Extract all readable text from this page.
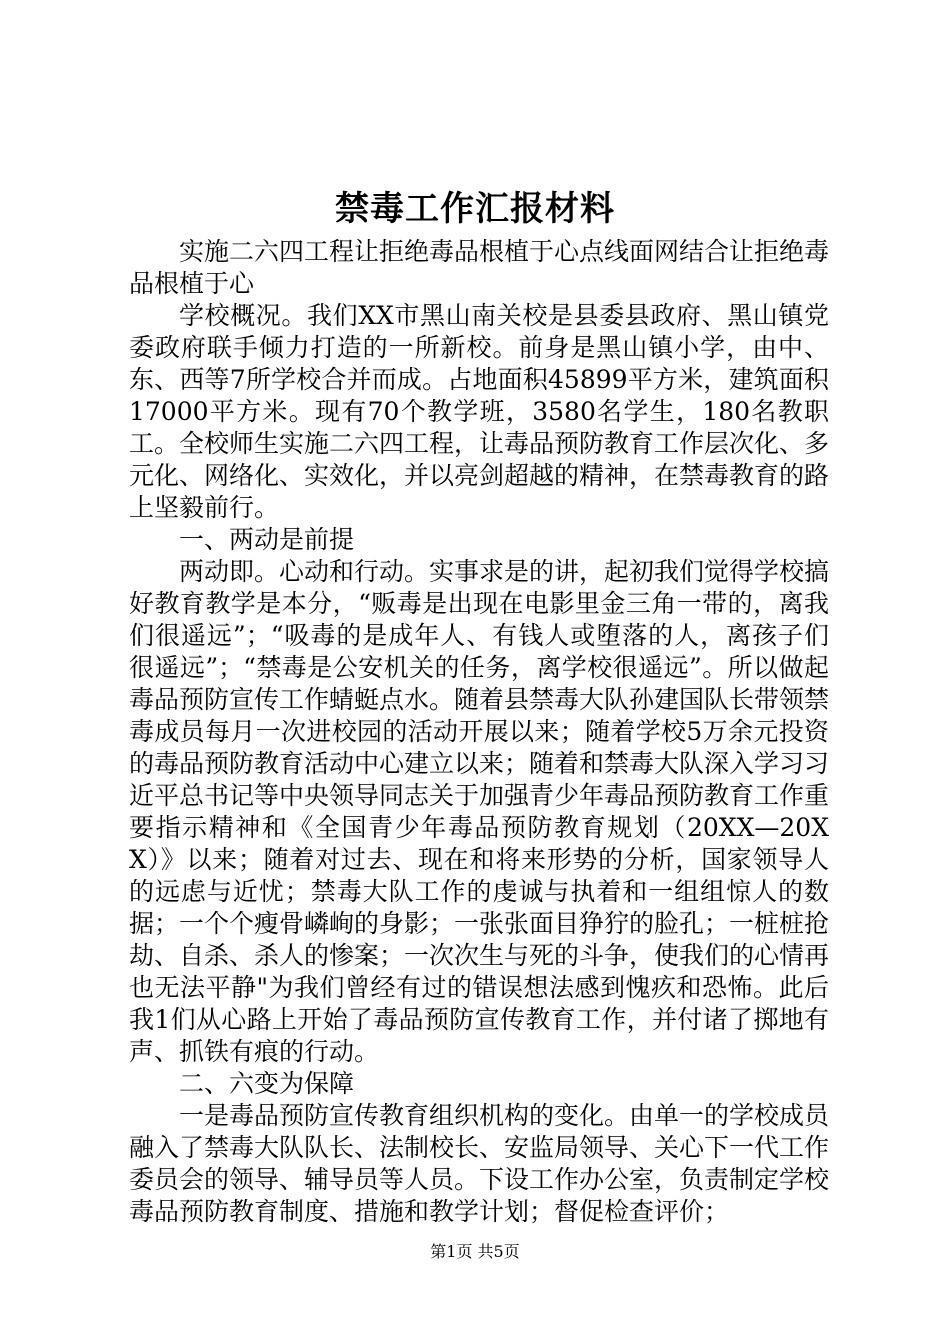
禁毒工作汇报材料

实施二六四工程让拒绝毒品根植于心点线面网结合让拒绝毒品根植于心

学校概况。我们XX市黑山南关校是县委县政府、黑山镇党委政府联手倾力打造的一所新校。前身是黑山镇小学，由中、东、西等7所学校合并而成。占地面积45899平方米，建筑面积17000平方米。现有70个教学班，3580名学生，180名教职工。全校师生实施二六四工程，让毒品预防教育工作层次化、多元化、网络化、实效化，并以亮剑超越的精神，在禁毒教育的路上坚毅前行。

一、两动是前提

两动即。心动和行动。实事求是的讲，起初我们觉得学校搞好教育教学是本分，“贩毒是出现在电影里金三角一带的，离我们很遥远”；“吸毒的是成年人、有钱人或堕落的人，离孩子们很遥远”；“禁毒是公安机关的任务，离学校很遥远”。所以做起毒品预防宣传工作蜻蜓点水。随着县禁毒大队孙建国队长带领禁毒成员每月一次进校园的活动开展以来；随着学校5万余元投资的毒品预防教育活动中心建立以来；随着和禁毒大队深入学习习近平总书记等中央领导同志关于加强青少年毒品预防教育工作重要指示精神和《全国青少年毒品预防教育规划（20XX—20XX）》以来；随着对过去、现在和将来形势的分析，国家领导人的远虑与近忧；禁毒大队工作的虔诚与执着和一组组惊人的数据；一个个瘦骨嶙峋的身影；一张张面目狰狞的脸孔；一桩桩抢劫、自杀、杀人的惨案；一次次生与死的斗争，使我们的心情再也无法平静"为我们曾经有过的错误想法感到愧疚和恐怖。此后我1们从心路上开始了毒品预防宣传教育工作，并付诸了掷地有声、抓铁有痕的行动。

二、六变为保障

一是毒品预防宣传教育组织机构的变化。由单一的学校成员融入了禁毒大队队长、法制校长、安监局领导、关心下一代工作委员会的领导、辅导员等人员。下设工作办公室，负责制定学校毒品预防教育制度、措施和教学计划；督促检查评价；

第1页 共5页
